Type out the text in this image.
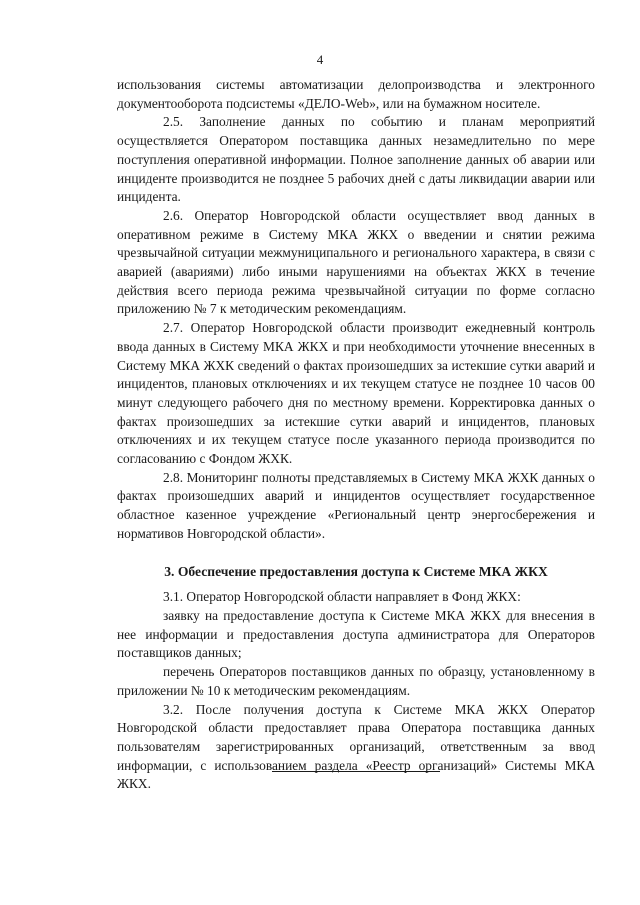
4

использования системы автоматизации делопроизводства и электронного документооборота подсистемы «ДЕЛО-Web», или на бумажном носителе.

2.5. Заполнение данных по событию и планам мероприятий осуществляется Оператором поставщика данных незамедлительно по мере поступления оперативной информации. Полное заполнение данных об аварии или инциденте производится не позднее 5 рабочих дней с даты ликвидации аварии или инцидента.

2.6. Оператор Новгородской области осуществляет ввод данных в оперативном режиме в Систему МКА ЖКХ о введении и снятии режима чрезвычайной ситуации межмуниципального и регионального характера, в связи с аварией (авариями) либо иными нарушениями на объектах ЖКХ в течение действия всего периода режима чрезвычайной ситуации по форме согласно приложению № 7 к методическим рекомендациям.

2.7. Оператор Новгородской области производит ежедневный контроль ввода данных в Систему МКА ЖКХ и при необходимости уточнение внесенных в Систему МКА ЖХК сведений о фактах произошедших за истекшие сутки аварий и инцидентов, плановых отключениях и их текущем статусе не позднее 10 часов 00 минут следующего рабочего дня по местному времени. Корректировка данных о фактах произошедших за истекшие сутки аварий и инцидентов, плановых отключениях и их текущем статусе после указанного периода производится по согласованию с Фондом ЖХК.

2.8. Мониторинг полноты представляемых в Систему МКА ЖХК данных о фактах произошедших аварий и инцидентов осуществляет государственное областное казенное учреждение «Региональный центр энергосбережения и нормативов Новгородской области».

3. Обеспечение предоставления доступа к Системе МКА ЖКХ

3.1. Оператор Новгородской области направляет в Фонд ЖКХ:

заявку на предоставление доступа к Системе МКА ЖКХ для внесения в нее информации и предоставления доступа администратора для Операторов поставщиков данных;

перечень Операторов поставщиков данных по образцу, установленному в приложении № 10 к методическим рекомендациям.

3.2. После получения доступа к Системе МКА ЖКХ Оператор Новгородской области предоставляет права Оператора поставщика данных пользователям зарегистрированных организаций, ответственным за ввод информации, с использованием раздела «Реестр организаций» Системы МКА ЖКХ.
